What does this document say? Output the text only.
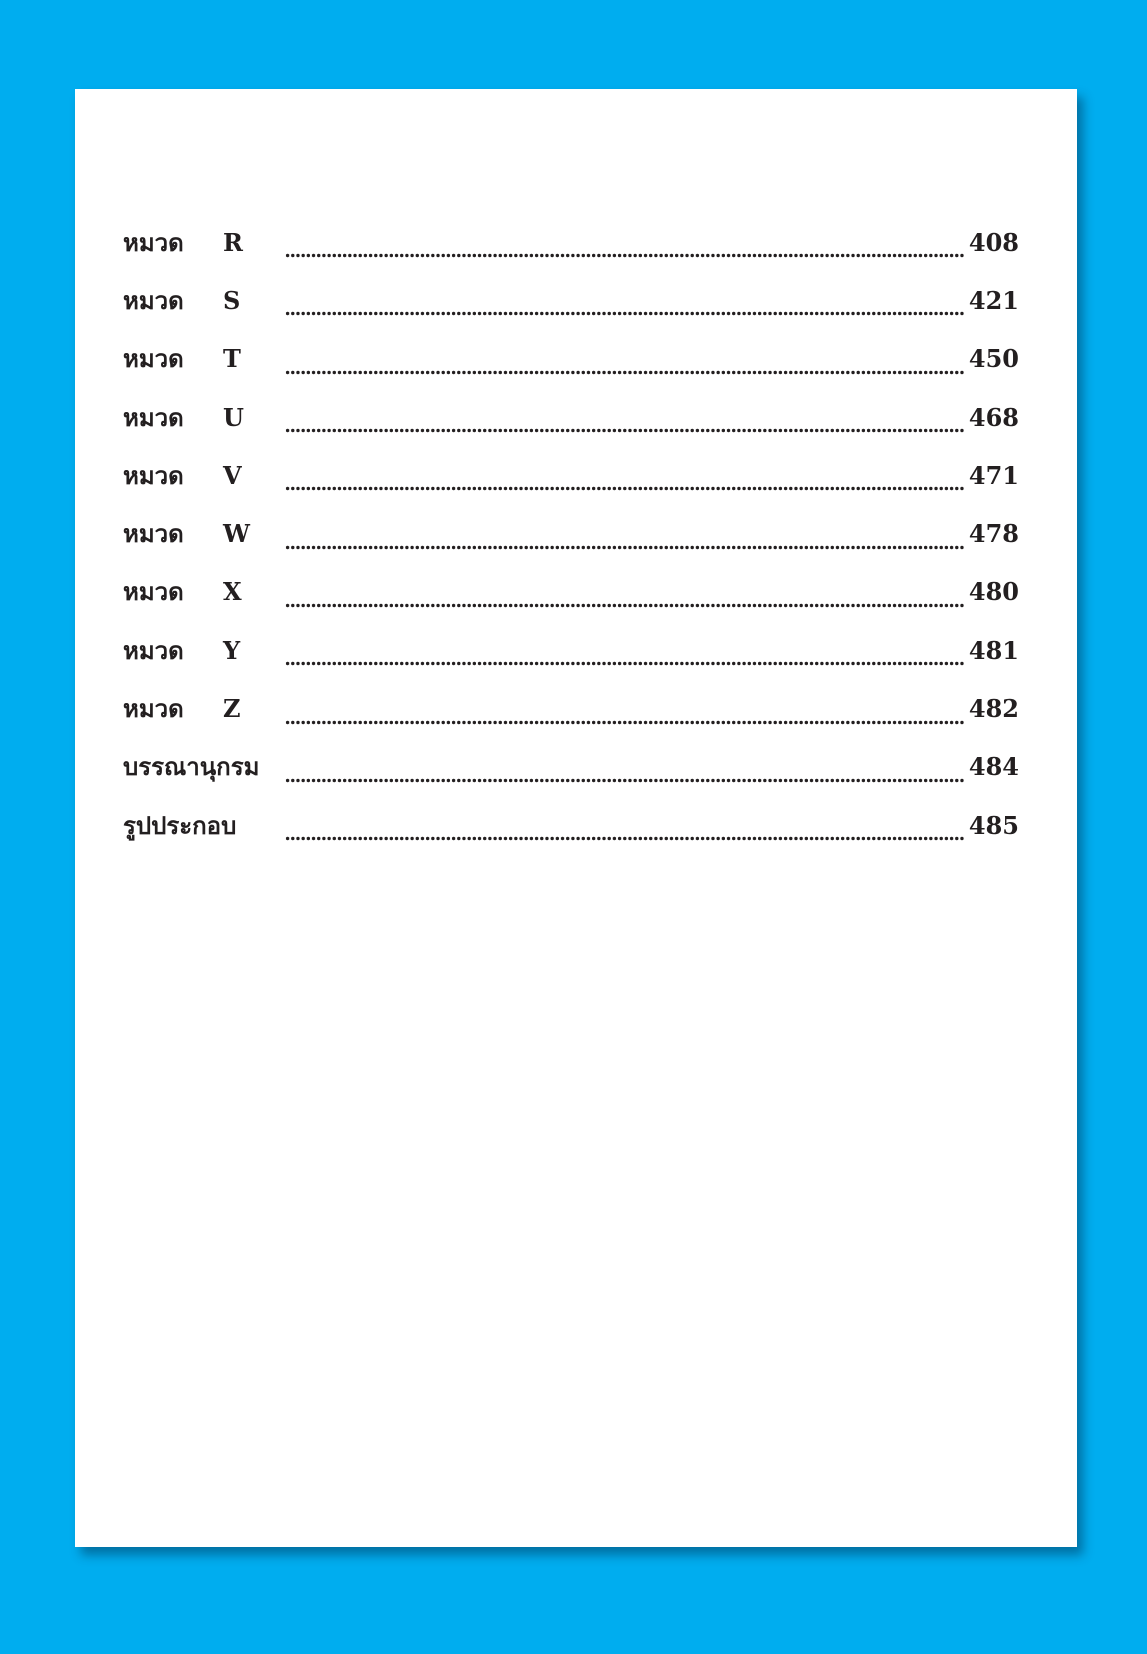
หมวด	R	408
หมวด	S	421
หมวด	T	450
หมวด	U	468
หมวด	V	471
หมวด	W	478
หมวด	X	480
หมวด	Y	481
หมวด	Z	482
บรรณานุกรม	484
รูปประกอบ	485
